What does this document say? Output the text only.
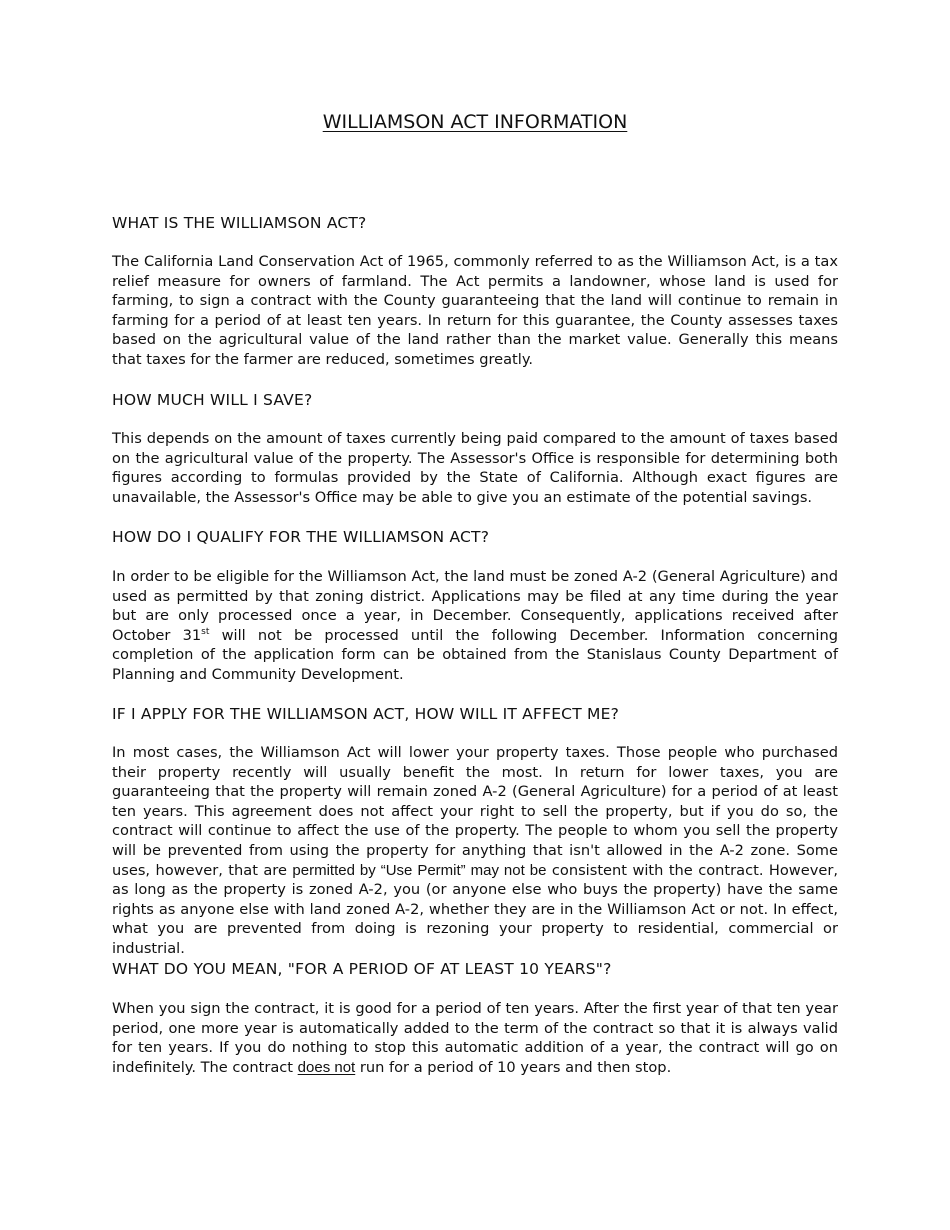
WILLIAMSON ACT INFORMATION
WHAT IS THE WILLIAMSON ACT?

The California Land Conservation Act of 1965, commonly referred to as the Williamson Act, is a tax relief measure for owners of farmland. The Act permits a landowner, whose land is used for farming, to sign a contract with the County guaranteeing that the land will continue to remain in farming for a period of at least ten years. In return for this guarantee, the County assesses taxes based on the agricultural value of the land rather than the market value. Generally this means that taxes for the farmer are reduced, sometimes greatly.

HOW MUCH WILL I SAVE?

This depends on the amount of taxes currently being paid compared to the amount of taxes based on the agricultural value of the property. The Assessor's Office is responsible for determining both figures according to formulas provided by the State of California. Although exact figures are unavailable, the Assessor's Office may be able to give you an estimate of the potential savings.

HOW DO I QUALIFY FOR THE WILLIAMSON ACT?

In order to be eligible for the Williamson Act, the land must be zoned A-2 (General Agriculture) and used as permitted by that zoning district. Applications may be filed at any time during the year but are only processed once a year, in December. Consequently, applications received after October 31st will not be processed until the following December. Information concerning completion of the application form can be obtained from the Stanislaus County Department of Planning and Community Development.

IF I APPLY FOR THE WILLIAMSON ACT, HOW WILL IT AFFECT ME?

In most cases, the Williamson Act will lower your property taxes. Those people who purchased their property recently will usually benefit the most. In return for lower taxes, you are guaranteeing that the property will remain zoned A-2 (General Agriculture) for a period of at least ten years. This agreement does not affect your right to sell the property, but if you do so, the contract will continue to affect the use of the property. The people to whom you sell the property will be prevented from using the property for anything that isn't allowed in the A-2 zone. Some uses, however, that are permitted by “Use Permit” may not be consistent with the contract. However, as long as the property is zoned A-2, you (or anyone else who buys the property) have the same rights as anyone else with land zoned A-2, whether they are in the Williamson Act or not. In effect, what you are prevented from doing is rezoning your property to residential, commercial or industrial.

WHAT DO YOU MEAN, "FOR A PERIOD OF AT LEAST 10 YEARS"?

When you sign the contract, it is good for a period of ten years. After the first year of that ten year period, one more year is automatically added to the term of the contract so that it is always valid for ten years. If you do nothing to stop this automatic addition of a year, the contract will go on indefinitely. The contract does not run for a period of 10 years and then stop.
